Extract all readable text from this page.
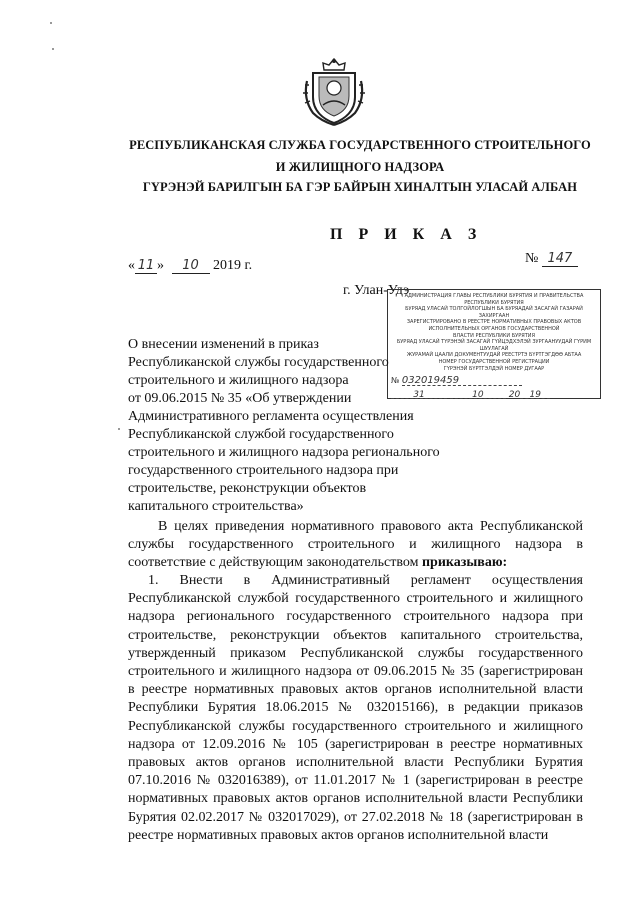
РЕСПУБЛИКАНСКАЯ СЛУЖБА ГОСУДАРСТВЕННОГО СТРОИТЕЛЬНОГО
И ЖИЛИЩНОГО НАДЗОРА
ГҮРЭНЭЙ БАРИЛГЫН БА ГЭР БАЙРЫН ХИНАЛТЫН УЛАСАЙ АЛБАН
П Р И К А З
« 11 » 10 2019 г.	№ 147
г. Улан-Удэ
АДМИНИСТРАЦИЯ ГЛАВЫ РЕСПУБЛИКИ БУРЯТИЯ И ПРАВИТЕЛЬСТВА РЕСПУБЛИКИ БУРЯТИЯ
БУРЯАД УЛАСАЙ ТОЛГОЙЛОГШЫН БА БУРЯАДАЙ ЗАСАГАЙ ГАЗАРАЙ ЗАХИРГААН
ЗАРЕГИСТРИРОВАНО В РЕЕСТРЕ НОРМАТИВНЫХ ПРАВОВЫХ АКТОВ
ИСПОЛНИТЕЛЬНЫХ ОРГАНОВ ГОСУДАРСТВЕННОЙ
ВЛАСТИ РЕСПУБЛИКИ БУРЯТИЯ
БУРЯАД УЛАСАЙ ТҮРЭНЭЙ ЗАСАГАЙ ГҮЙЦЭДХЭЛЭЙ ЗУРГААНУУДАЙ ГҮРИМ ШУУЛАГАЙ
ЖУРАМАЙ ЦААЛИ ДОКУМЕНТУУДАЙ РЕЕСТРТЭ БҮРТГЭГДӨӨ АБТАА
НОМЕР ГОСУДАРСТВЕННОЙ РЕГИСТРАЦИИ
ГҮРЭНЭЙ БҮРТГЭЛДЭЙ НОМЕР ДУГААР
№ 032019459
31	10	20 19
О внесении изменений в приказ
Республиканской службы государственного
строительного и жилищного надзора
от 09.06.2015 № 35 «Об утверждении
Административного регламента осуществления
Республиканской службой государственного
строительного и жилищного надзора регионального
государственного строительного надзора при
строительстве, реконструкции объектов
капитального строительства»
В целях приведения нормативного правового акта Республиканской службы государственного строительного и жилищного надзора в соответствие с действующим законодательством приказываю:
1. Внести в Административный регламент осуществления Республиканской службой государственного строительного и жилищного надзора регионального государственного строительного надзора при строительстве, реконструкции объектов капитального строительства, утвержденный приказом Республиканской службы государственного строительного и жилищного надзора от 09.06.2015 № 35 (зарегистрирован в реестре нормативных правовых актов органов исполнительной власти Республики Бурятия 18.06.2015 № 032015166), в редакции приказов Республиканской службы государственного строительного и жилищного надзора от 12.09.2016 № 105 (зарегистрирован в реестре нормативных правовых актов органов исполнительной власти Республики Бурятия 07.10.2016 № 032016389), от 11.01.2017 № 1 (зарегистрирован в реестре нормативных правовых актов органов исполнительной власти Республики Бурятия 02.02.2017 № 032017029), от 27.02.2018 № 18 (зарегистрирован в реестре нормативных правовых актов органов исполнительной власти
